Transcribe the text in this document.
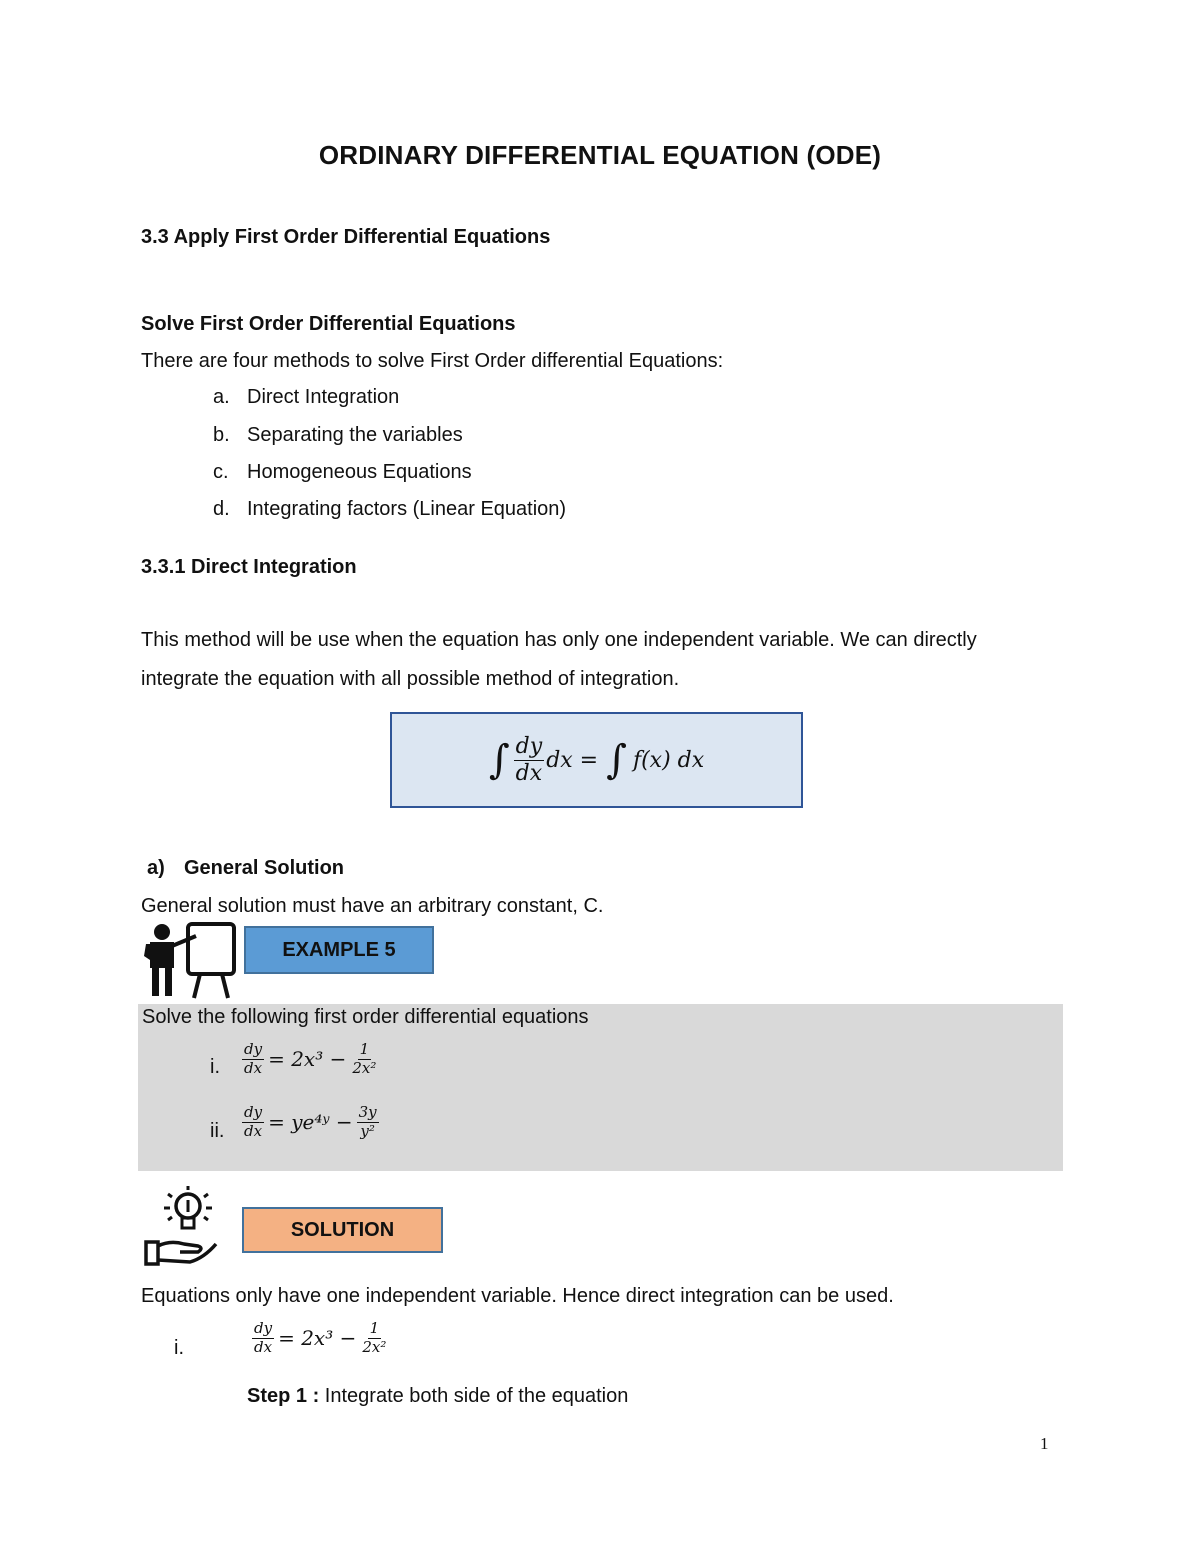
ORDINARY DIFFERENTIAL EQUATION (ODE)
3.3 Apply First Order Differential Equations
Solve First Order Differential Equations
There are four methods to solve First Order differential Equations:
a. Direct Integration
b. Separating the variables
c. Homogeneous Equations
d. Integrating factors (Linear Equation)
3.3.1 Direct Integration
This method will be use when the equation has only one independent variable. We can directly
integrate the equation with all possible method of integration.
∫ $\frac{dy}{dx}$ dx = ∫ f(x) dx
a) General Solution
General solution must have an arbitrary constant, C.
EXAMPLE 5
Solve the following first order differential equations
i. $\frac{dy}{dx} = 2x^3 - \frac{1}{\text{2x²}}$
ii. $\frac{dy}{dx}$ = ye⁴ʸ − $\frac{3y}{\text{y²}}$
SOLUTION
Equations only have one independent variable. Hence direct integration can be used.
i.	$\frac{dy}{dx} = 2x^3 - \frac{1}{\text{2x²}}$
Step 1 : Integrate both side of the equation
1
